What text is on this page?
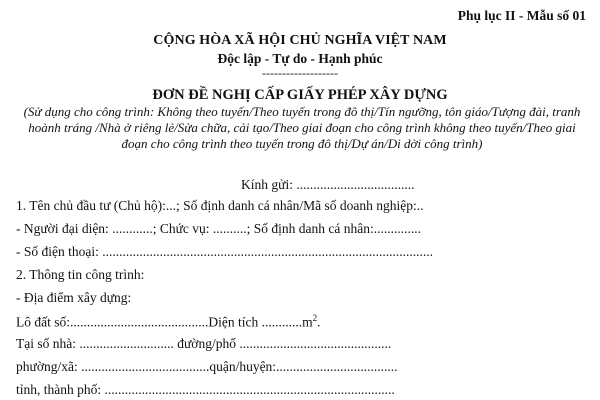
Phụ lục II - Mẫu số 01
CỘNG HÒA XÃ HỘI CHỦ NGHĨA VIỆT NAM
Độc lập - Tự do - Hạnh phúc
-------------------
ĐƠN ĐỀ NGHỊ CẤP GIẤY PHÉP XÂY DỰNG
(Sử dụng cho công trình: Không theo tuyến/Theo tuyến trong đô thị/Tín ngưỡng, tôn giáo/Tượng đài, tranh hoành tráng /Nhà ở riêng lẻ/Sửa chữa, cải tạo/Theo giai đoạn cho công trình không theo tuyến/Theo giai đoạn cho công trình theo tuyến trong đô thị/Dự án/Di dời công trình)
Kính gửi: ...................................
1. Tên chủ đầu tư (Chủ hộ):...; Số định danh cá nhân/Mã số doanh nghiệp:..
- Người đại diện: ............; Chức vụ: ..........; Số định danh cá nhân:..............
- Số điện thoại: ..................................................................................................
2. Thông tin công trình:
- Địa điểm xây dựng:
Lô đất số:.........................................Diện tích $............m^2$.
Tại số nhà: ............................ đường/phố .............................................
phường/xã: ......................................quận/huyện:....................................
tỉnh, thành phố: ......................................................................................
